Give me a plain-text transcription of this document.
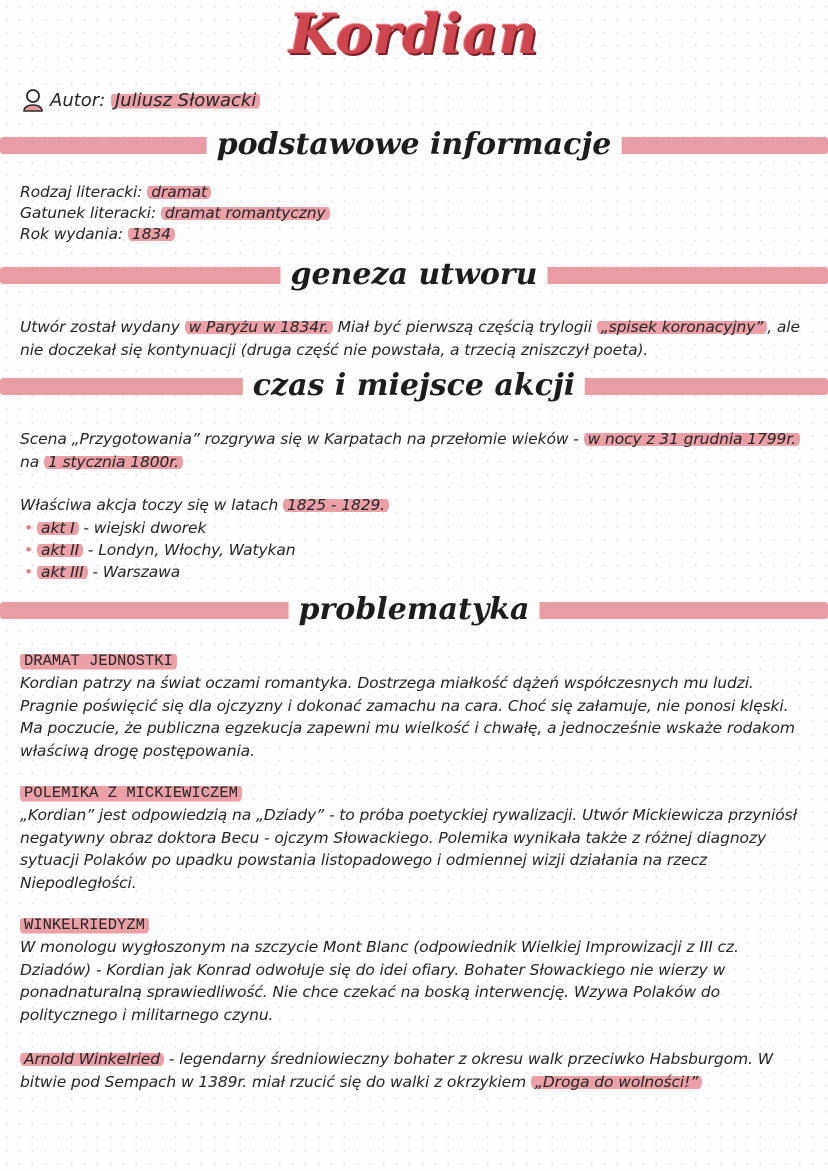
Kordian
Autor:
Juliusz Słowacki
podstawowe informacje
Rodzaj literacki: dramat
Gatunek literacki: dramat romantyczny
Rok wydania: 1834
geneza utworu
Utwór został wydany w Paryżu w 1834r. Miał być pierwszą częścią trylogii „spisek koronacyjny” , ale nie doczekał się kontynuacji (druga część nie powstała, a trzecią zniszczył poeta).
czas i miejsce akcji
Scena „Przygotowania” rozgrywa się w Karpatach na przełomie wieków - w nocy z 31 grudnia 1799r. na 1 stycznia 1800r.
Właściwa akcja toczy się w latach 1825 - 1829.
• akt I - wiejski dworek
• akt II - Londyn, Włochy, Watykan
• akt III - Warszawa
problematyka
DRAMAT JEDNOSTKI
Kordian patrzy na świat oczami romantyka. Dostrzega miałkość dążeń współczesnych mu ludzi. Pragnie poświęcić się dla ojczyzny i dokonać zamachu na cara. Choć się załamuje, nie ponosi klęski. Ma poczucie, że publiczna egzekucja zapewni mu wielkość i chwałę, a jednocześnie wskaże rodakom właściwą drogę postępowania.
POLEMIKA Z MICKIEWICZEM
„Kordian” jest odpowiedzią na „Dziady” - to próba poetyckiej rywalizacji. Utwór Mickiewicza przyniósł negatywny obraz doktora Becu - ojczym Słowackiego. Polemika wynikała także z różnej diagnozy sytuacji Polaków po upadku powstania listopadowego i odmiennej wizji działania na rzecz Niepodległości.
WINKELRIEDYZM
W monologu wygłoszonym na szczycie Mont Blanc (odpowiednik Wielkiej Improwizacji z III cz. Dziadów) - Kordian jak Konrad odwołuje się do idei ofiary. Bohater Słowackiego nie wierzy w ponadnaturalną sprawiedliwość. Nie chce czekać na boską interwencję. Wzywa Polaków do politycznego i militarnego czynu.
Arnold Winkelried - legendarny średniowieczny bohater z okresu walk przeciwko Habsburgom. W bitwie pod Sempach w 1389r. miał rzucić się do walki z okrzykiem „Droga do wolności!”
